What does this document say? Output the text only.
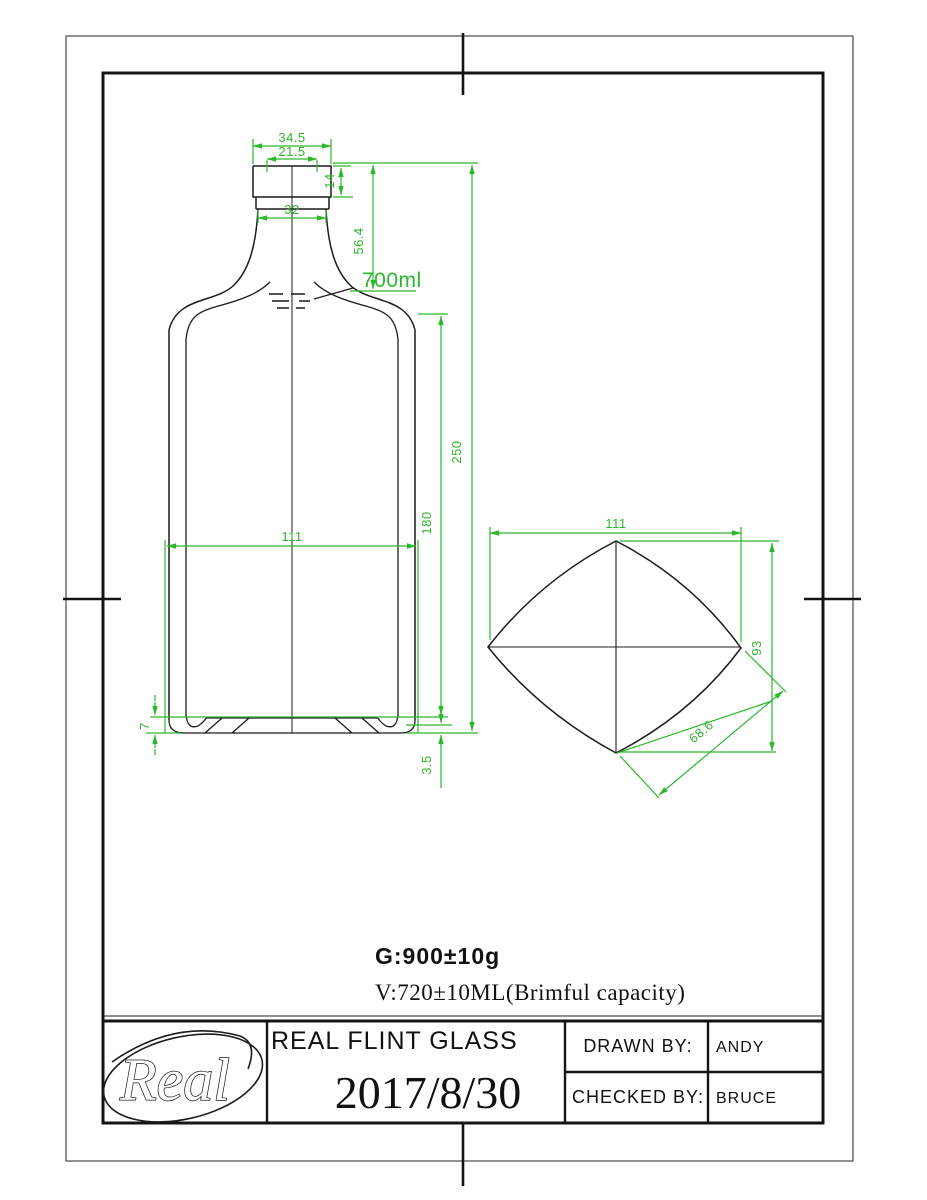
34.5
21.5
14
32
56.4
700ml
250
180
111
7
3.5
111
93
68.6
G:900±10g
V:720±10ML(Brimful capacity)
Real
REAL FLINT GLASS
2017/8/30
DRAWN BY: ANDY
CHECKED BY: BRUCE
